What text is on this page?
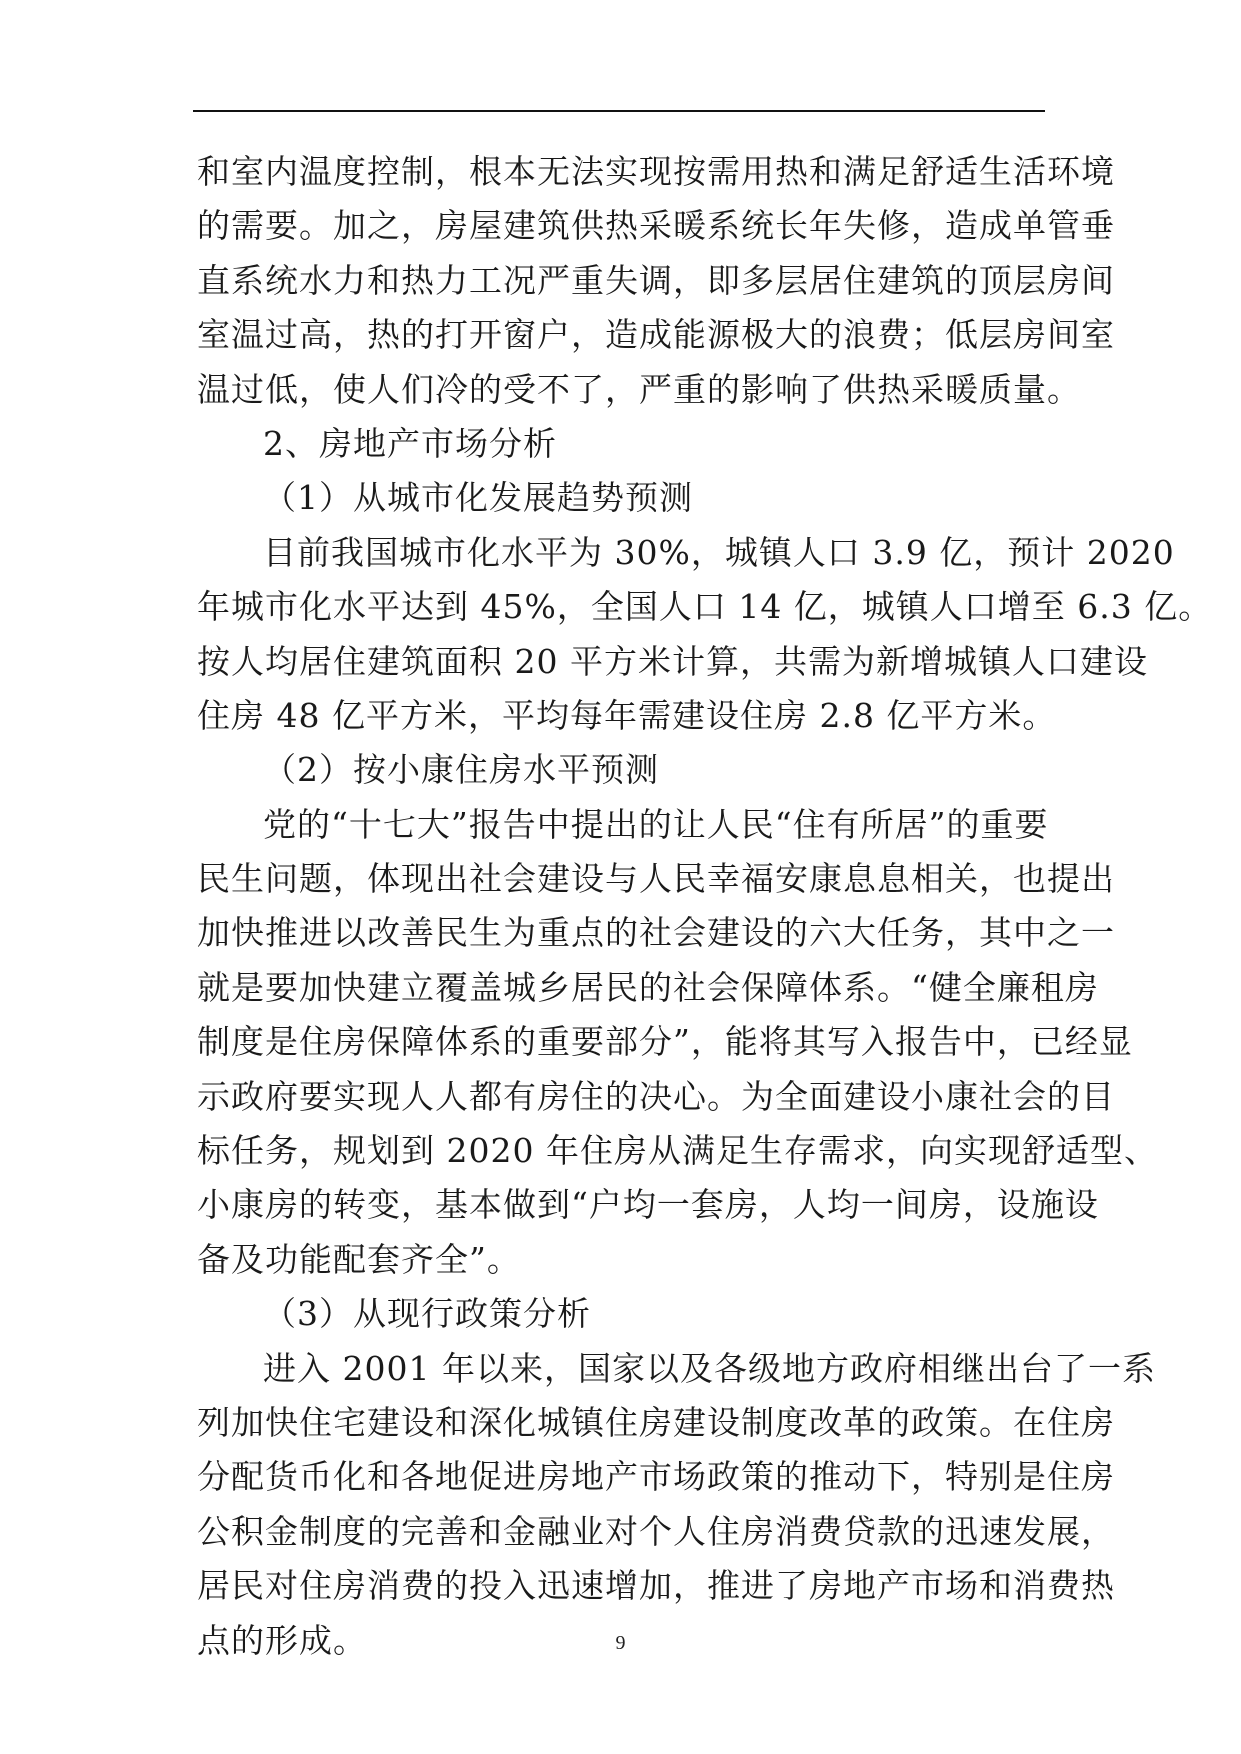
和室内温度控制，根本无法实现按需用热和满足舒适生活环境
的需要。加之，房屋建筑供热采暖系统长年失修，造成单管垂
直系统水力和热力工况严重失调，即多层居住建筑的顶层房间
室温过高，热的打开窗户，造成能源极大的浪费；低层房间室
温过低，使人们冷的受不了，严重的影响了供热采暖质量。
2、房地产市场分析
（1）从城市化发展趋势预测
目前我国城市化水平为 30%，城镇人口 3.9 亿，预计 2020
年城市化水平达到 45%，全国人口 14 亿，城镇人口增至 6.3 亿。
按人均居住建筑面积 20 平方米计算，共需为新增城镇人口建设
住房 48 亿平方米，平均每年需建设住房 2.8 亿平方米。
（2）按小康住房水平预测
党的“十七大”报告中提出的让人民“住有所居”的重要
民生问题，体现出社会建设与人民幸福安康息息相关，也提出
加快推进以改善民生为重点的社会建设的六大任务，其中之一
就是要加快建立覆盖城乡居民的社会保障体系。“健全廉租房
制度是住房保障体系的重要部分”，能将其写入报告中，已经显
示政府要实现人人都有房住的决心。为全面建设小康社会的目
标任务，规划到 2020 年住房从满足生存需求，向实现舒适型、
小康房的转变，基本做到“户均一套房，人均一间房，设施设
备及功能配套齐全”。
（3）从现行政策分析
进入 2001 年以来，国家以及各级地方政府相继出台了一系
列加快住宅建设和深化城镇住房建设制度改革的政策。在住房
分配货币化和各地促进房地产市场政策的推动下，特别是住房
公积金制度的完善和金融业对个人住房消费贷款的迅速发展，
居民对住房消费的投入迅速增加，推进了房地产市场和消费热
点的形成。	9
